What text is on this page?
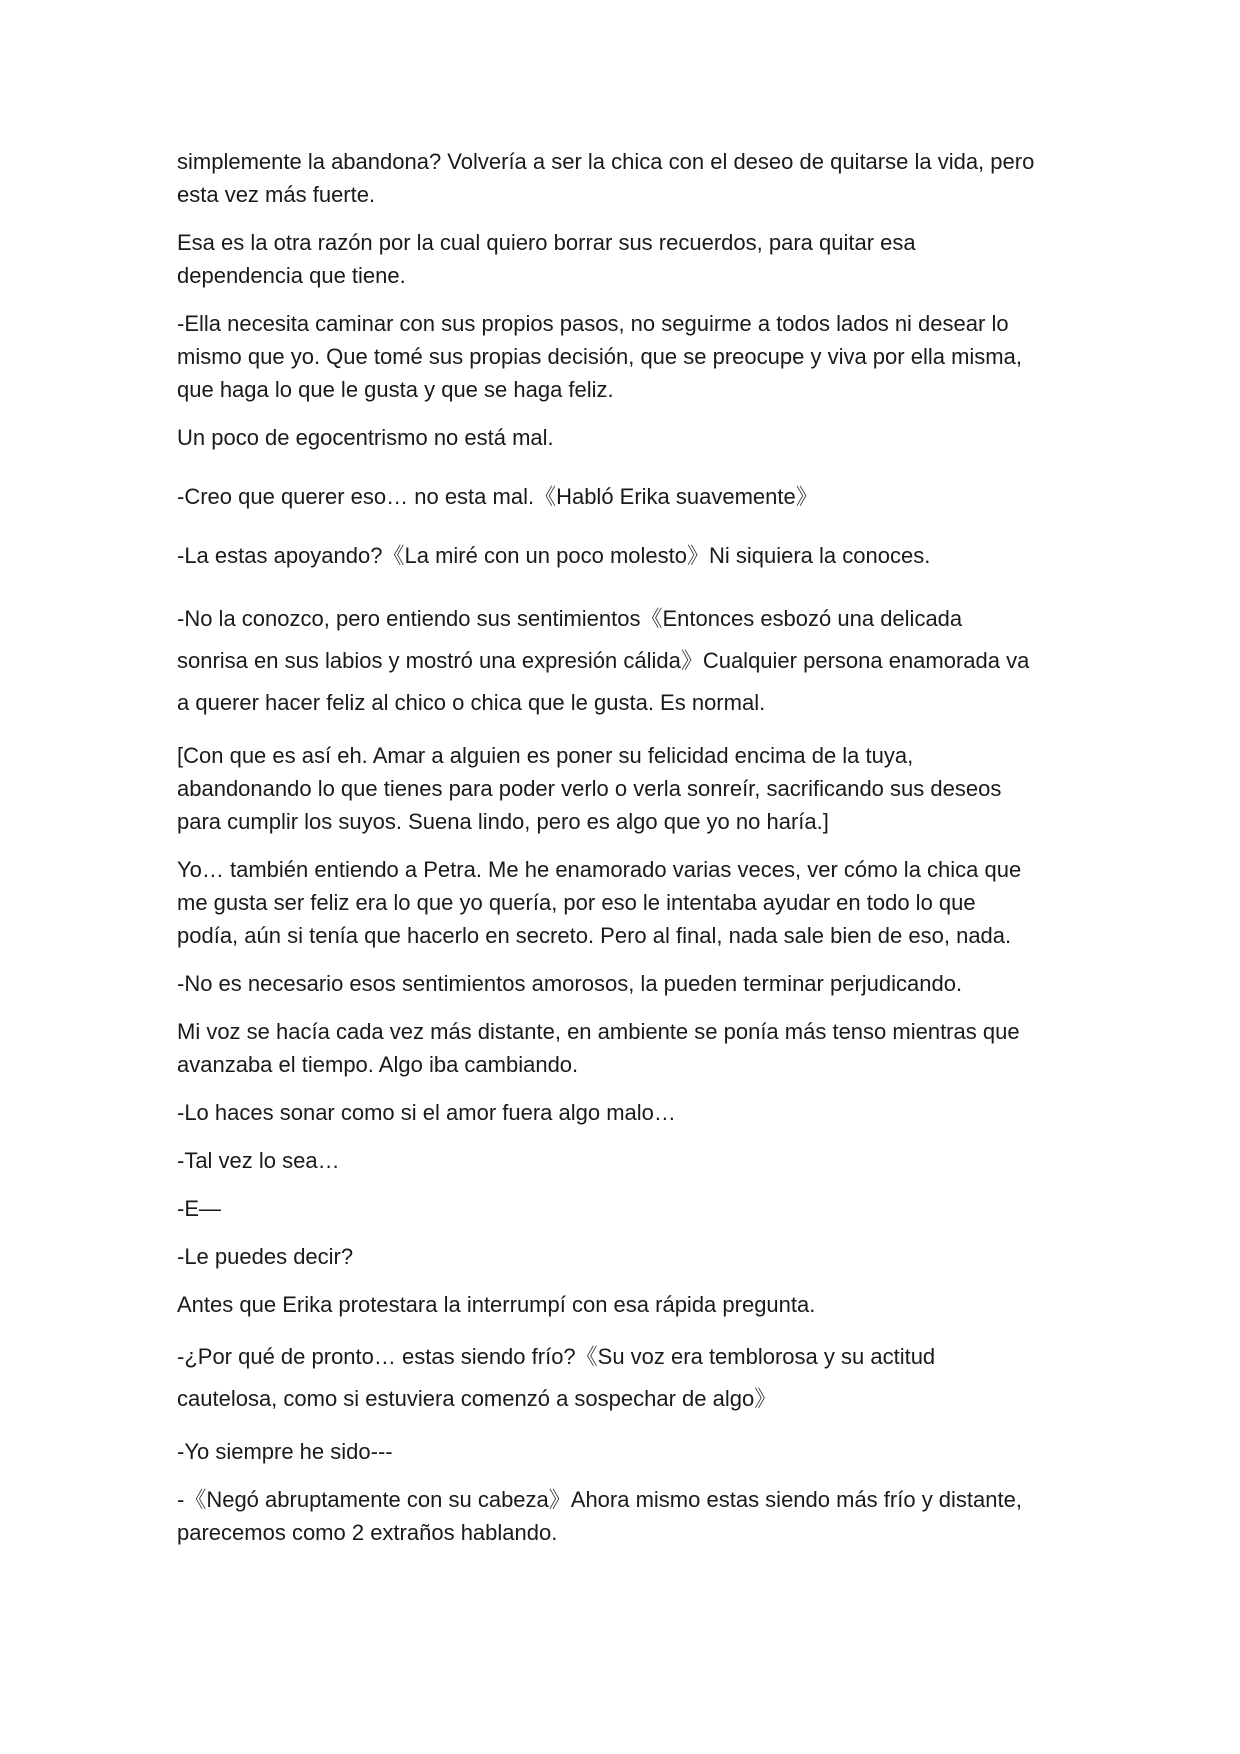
simplemente la abandona? Volvería a ser la chica con el deseo de quitarse la vida, pero
esta vez más fuerte.

Esa es la otra razón por la cual quiero borrar sus recuerdos, para quitar esa
dependencia que tiene.

-Ella necesita caminar con sus propios pasos, no seguirme a todos lados ni desear lo
mismo que yo. Que tomé sus propias decisión, que se preocupe y viva por ella misma,
que haga lo que le gusta y que se haga feliz.

Un poco de egocentrismo no está mal.

-Creo que querer eso… no esta mal.《Habló Erika suavemente》

-La estas apoyando?《La miré con un poco molesto》Ni siquiera la conoces.

-No la conozco, pero entiendo sus sentimientos《Entonces esbozó una delicada
sonrisa en sus labios y mostró una expresión cálida》Cualquier persona enamorada va
a querer hacer feliz al chico o chica que le gusta. Es normal.

[Con que es así eh. Amar a alguien es poner su felicidad encima de la tuya,
abandonando lo que tienes para poder verlo o verla sonreír, sacrificando sus deseos
para cumplir los suyos. Suena lindo, pero es algo que yo no haría.]

Yo… también entiendo a Petra. Me he enamorado varias veces, ver cómo la chica que
me gusta ser feliz era lo que yo quería, por eso le intentaba ayudar en todo lo que
podía, aún si tenía que hacerlo en secreto. Pero al final, nada sale bien de eso, nada.

-No es necesario esos sentimientos amorosos, la pueden terminar perjudicando.

Mi voz se hacía cada vez más distante, en ambiente se ponía más tenso mientras que
avanzaba el tiempo. Algo iba cambiando.

-Lo haces sonar como si el amor fuera algo malo…

-Tal vez lo sea…

-E—

-Le puedes decir?

Antes que Erika protestara la interrumpí con esa rápida pregunta.

-¿Por qué de pronto… estas siendo frío?《Su voz era temblorosa y su actitud
cautelosa, como si estuviera comenzó a sospechar de algo》

-Yo siempre he sido---

-《Negó abruptamente con su cabeza》Ahora mismo estas siendo más frío y distante,
parecemos como 2 extraños hablando.
